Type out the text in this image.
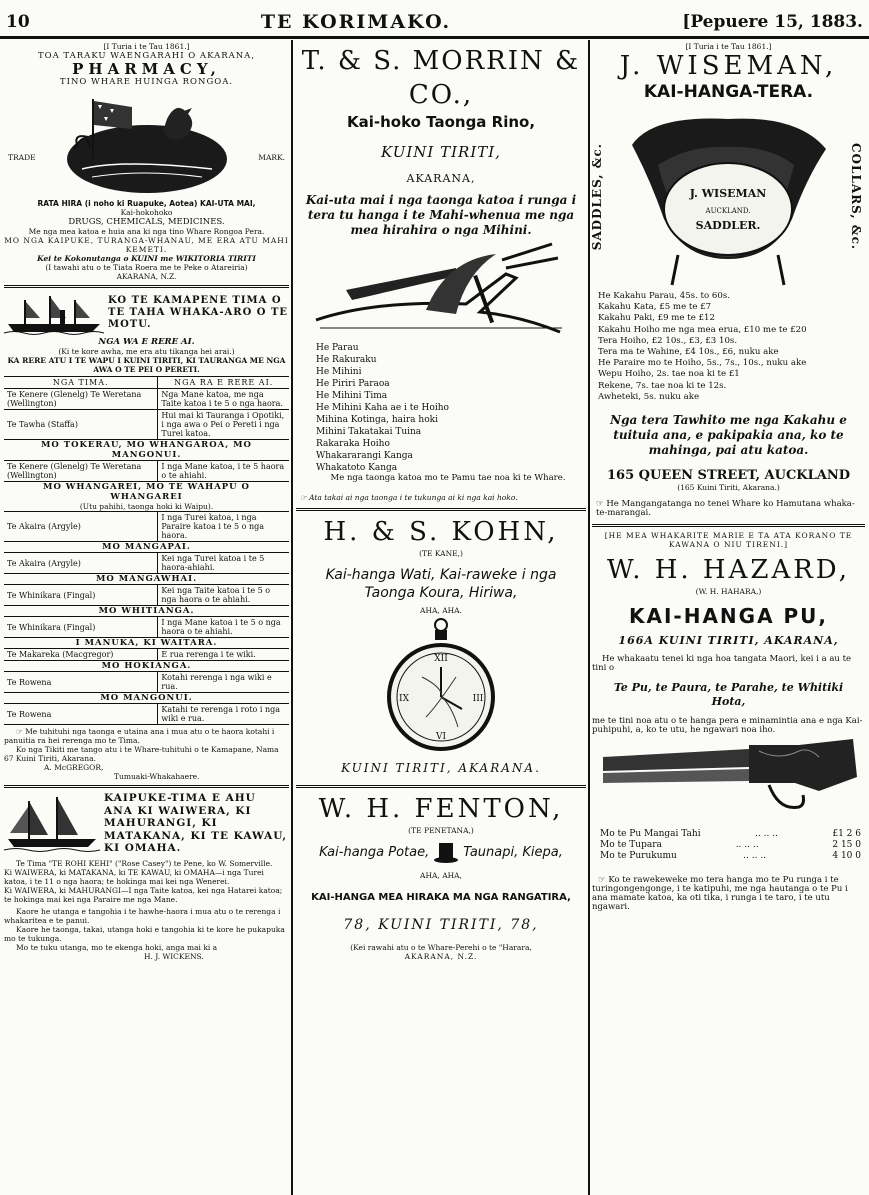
10	TE KORIMAKO.	[Pepuere 15, 1883.
[I Turia i te Tau 1861.]
TOA TARAKU WAENGARAHI O AKARANA,
PHARMACY,
TINO WHARE HUINGA RONGOA.
TRADE	MARK.
RATA HIRA (i noho ki Ruapuke, Aotea) KAI-UTA MAI,
Kai-hokohoko
DRUGS, CHEMICALS, MEDICINES.
Me nga mea katoa e huia ana ki nga tino Whare Rongoa Pera.
MO NGA KAIPUKE, TURANGA-WHANAU, ME ERA ATU MAHI KEMETI.
Kei te Kokonutanga o KUINI me WIKITORIA TIRITI
(I tawahi atu o te Tiata Roera me te Peke o Atareiria)
AKARANA, N.Z.
KO TE KAMAPENE TIMA O TE TAHA WHAKA-ARO O TE MOTU.
NGA WA E RERE AI.
(Ki te kore awha, me era atu tikanga hei arai.)
KA RERE ATU I TE WAPU I KUINI TIRITI, KI TAURANGA ME NGA AWA O TE PEI O PERETI.
NGA TIMA.	NGA RA E RERE AI.
Te Kenere (Glenelg) Te Weretana (Wellington)	Nga Mane katoa, me nga Taite katoa i te 5 o nga haora.
Te Tawha (Staffa)	Hui mai ki Tauranga i Opotiki, i nga awa o Pei o Pereti i nga Turei katoa.
MO TOKERAU, MO WHANGAROA, MO MANGONUI.
Te Kenere (Glenelg) Te Weretana (Wellington)	I nga Mane katoa, i te 5 haora o te ahiahi.
MO WHANGAREI, MO TE WAHAPU O WHANGAREI
(Utu pahihi, taonga hoki ki Waipu).
Te Akaira (Argyle)	I nga Turei katoa, i nga Paraire katoa i te 5 o nga haora.
MO MANGAPAI.
Te Akaira (Argyle)	Kei nga Turei katoa i te 5 haora-ahiahi.
MO MANGAWHAI.
Te Whinikara (Fingal)	Kei nga Taite katoa i te 5 o nga haora o te ahiahi.
MO WHITIANGA.
Te Whinikara (Fingal)	I nga Mane katoa i te 5 o nga haora o te ahiahi.
I MANUKA, KI WAITARA.
Te Makareka (Macgregor)	E rua rerenga i te wiki.
MO HOKIANGA.
Te Rowena	Kotahi rerenga i nga wiki e rua.
MO MANGONUI.
Te Rowena	Katahi te rerenga i roto i nga wiki e rua.
☞ Me tuhituhi nga taonga e utaina ana i mua atu o te haora kotahi i panuitia ra hei rerenga mo te Tima.
Ko nga Tikiti me tango atu i te Whare-tuhituhi o te Kamapane, Nama 67 Kuini Tiriti, Akarana.
A. McGREGOR,
Tumuaki-Whakahaere.
KAIPUKE-TIMA E AHU ANA KI WAIWERA, KI MAHURANGI, KI MATAKANA, KI TE KAWAU, KI OMAHA.
Te Tima "TE ROHI KEHI" ("Rose Casey") te Pene, ko W. Somerville.
Ki WAIWERA, ki MATAKANA, ki TE KAWAU, ki OMAHA—i nga Turei katoa, i te 11 o nga haora; te hokinga mai kei nga Wenerei.
Ki WAIWERA, ki MAHURANGI—I nga Taite katoa, kei nga Hatarei katoa; te hokinga mai kei nga Paraire me nga Mane.
Kaore he utanga e tangohia i te hawhe-haora i mua atu o te rerenga i whakaritea e te panui.
Kaore he taonga, takai, utanga hoki e tangohia ki te kore he pukapuka mo te tukunga.
Mo te tuku utanga, mo te ekenga hoki, anga mai ki a
H. J. WICKENS.
T. & S. MORRIN & CO.,
Kai-hoko Taonga Rino,
KUINI TIRITI,
AKARANA,
Kai-uta mai i nga taonga katoa i runga i tera tu hanga i te Mahi-whenua me nga mea hirahira o nga Mihini.
He Parau
He Rakuraku
He Mihini
He Piriri Paraoa
He Mihini Tima
He Mihini Kaha ae i te Hoiho
Mihina Kotinga, haira hoki
Mihini Takatakai Tuina
Rakaraka Hoiho
Whakararangi Kanga
Whakatoto Kanga
Me nga taonga katoa mo te Pamu tae noa ki te Whare.
☞ Ata takai ai nga taonga i te tukunga ai ki nga kai hoko.
H. & S. KOHN,
(TE KANE,)
Kai-hanga Wati, Kai-raweke i nga Taonga Koura, Hiriwa,
AHA, AHA.
XII
III
VI
IX
KUINI TIRITI, AKARANA.
W. H. FENTON,
(TE PENETANA,)
Kai-hanga Potae,	Taunapi, Kiepa,
AHA, AHA,
KAI-HANGA MEA HIRAKA MA NGA RANGATIRA,
78, KUINI TIRITI, 78,
(Kei rawahi atu o te Whare-Perehi o te "Harara,
AKARANA, N.Z.
[I Turia i te Tau 1861.]
J. WISEMAN,
KAI-HANGA-TERA.
SADDLES, &c.	COLLARS, &c.
J. WISEMAN
AUCKLAND.
SADDLER.
He Kakahu Parau, 45s. to 60s.
Kakahu Kata, £5 me te £7
Kakahu Paki, £9 me te £12
Kakahu Hoiho me nga mea erua, £10 me te £20
Tera Hoiho, £2 10s., £3, £3 10s.
Tera ma te Wahine, £4 10s., £6, nuku ake
He Paraire mo te Hoiho, 5s., 7s., 10s., nuku ake
Wepu Hoiho, 2s. tae noa ki te £1
Rekene, 7s. tae noa ki te 12s.
Awheteki, 5s. nuku ake
Nga tera Tawhito me nga Kakahu e tuituia ana, e pakipakia ana, ko te mahinga, pai atu katoa.
165 QUEEN STREET, AUCKLAND
(165 Kuini Tiriti, Akarana.)
☞ He Mangangatanga no tenei Whare ko Hamutana whaka-te-marangai.
[HE MEA WHAKARITE MARIE E TA ATA KORANO TE KAWANA O NIU TIRENI.]
W. H. HAZARD,
(W. H. HAHARA,)
KAI-HANGA PU,
166A KUINI TIRITI, AKARANA,
He whakaatu tenei ki nga hoa tangata Maori, kei i a au te tini o
Te Pu, te Paura, te Parahe, te Whitiki Hota,
me te tini noa atu o te hanga pera e minamintia ana e nga Kai-puhipuhi, a, ko te utu, he ngawari noa iho.
Mo te Pu Mangai Tahi	.. .. ..	£1 2 6
Mo te Tupara	.. .. ..	2 15 0
Mo te Purukumu	.. .. ..	4 10 0
☞ Ko te rawekeweke mo tera hanga mo te Pu runga i te turingongengonge, i te katipuhi, me nga hautanga o te Pu i ana mamate katoa, ka oti tika, i runga i te taro, i te utu ngawari.
